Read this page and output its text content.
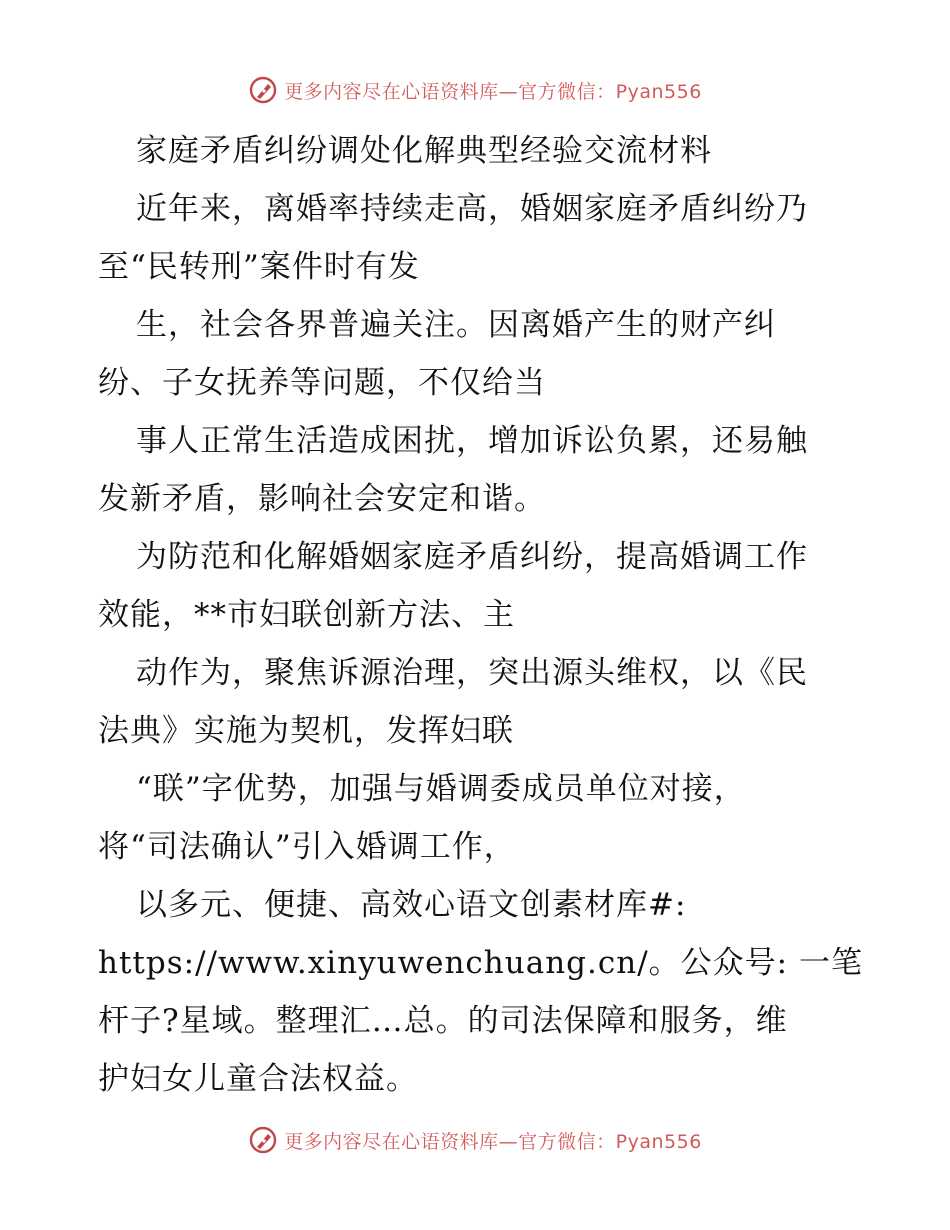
更多内容尽在心语资料库—官方微信：Pyan556
家庭矛盾纠纷调处化解典型经验交流材料
近年来，离婚率持续走高，婚姻家庭矛盾纠纷乃
至“民转刑”案件时有发
生，社会各界普遍关注。因离婚产生的财产纠
纷、子女抚养等问题，不仅给当
事人正常生活造成困扰，增加诉讼负累，还易触
发新矛盾，影响社会安定和谐。
为防范和化解婚姻家庭矛盾纠纷，提高婚调工作
效能，**市妇联创新方法、主
动作为，聚焦诉源治理，突出源头维权，以《民
法典》实施为契机，发挥妇联
“联”字优势，加强与婚调委成员单位对接，
将“司法确认”引入婚调工作，
以多元、便捷、高效心语文创素材库#:
https://www.xinyuwenchuang.cn/。公众号: 一笔
杆子?星域。整理汇…总。的司法保障和服务，维
护妇女儿童合法权益。
更多内容尽在心语资料库—官方微信：Pyan556
